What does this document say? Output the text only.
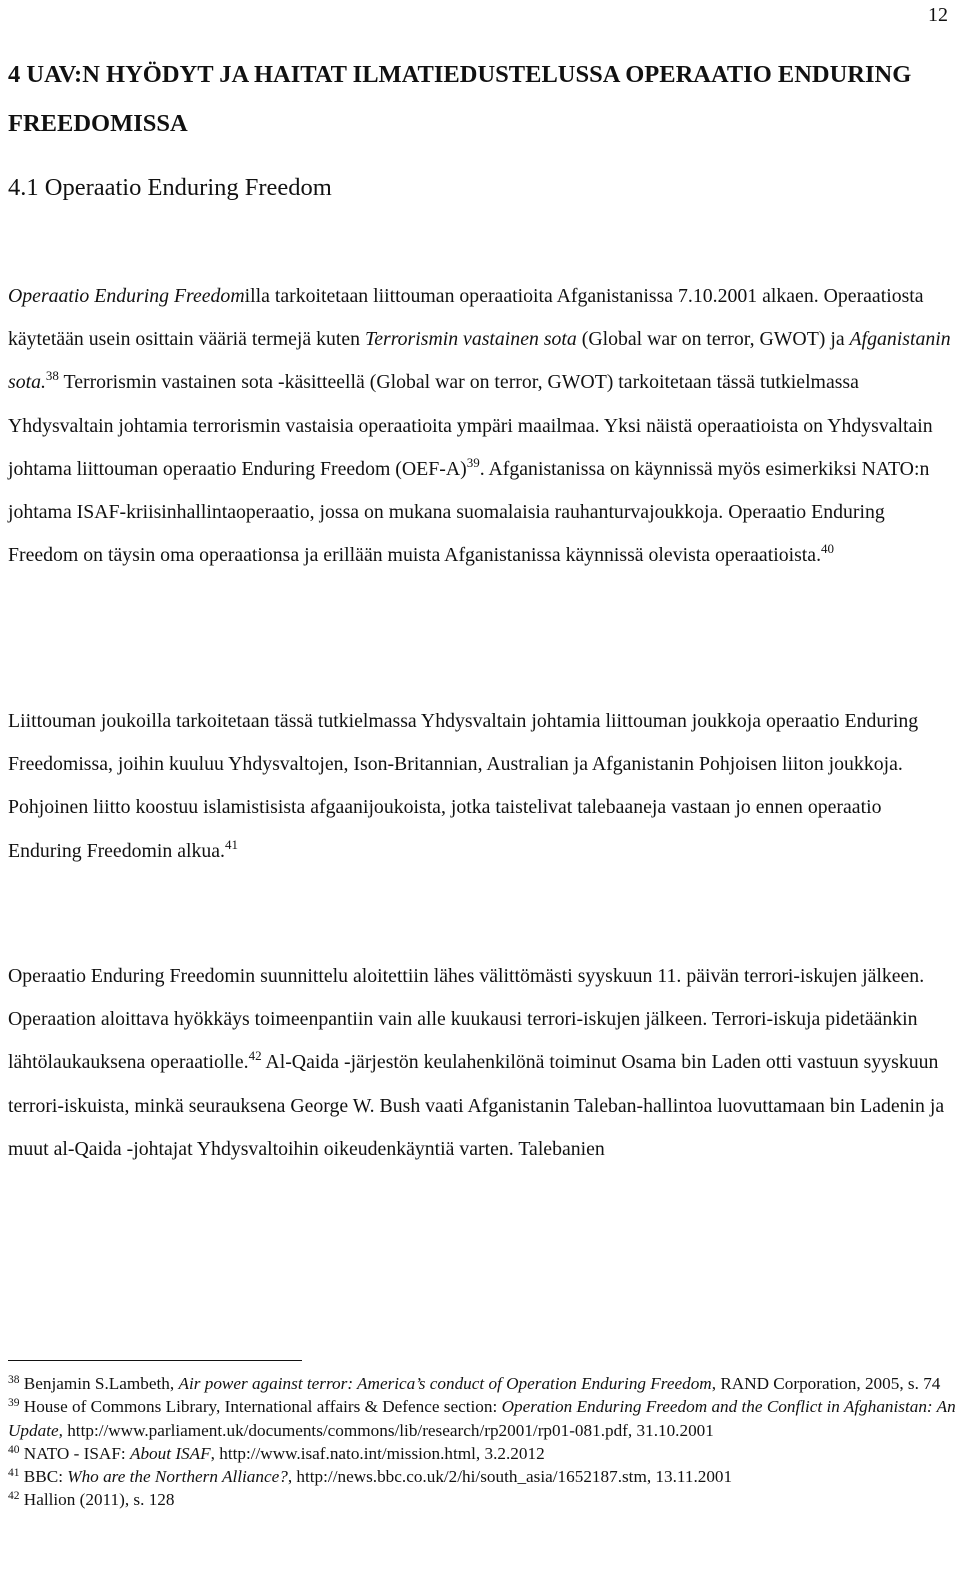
12
4 UAV:N HYÖDYT JA HAITAT ILMATIEDUSTELUSSA OPERAATIO ENDURING FREEDOMISSA
4.1 Operaatio Enduring Freedom

Operaatio Enduring Freedomilla tarkoitetaan liittouman operaatioita Afganistanissa 7.10.2001 alkaen. Operaatiosta käytetään usein osittain vääriä termejä kuten Terrorismin vastainen sota (Global war on terror, GWOT) ja Afganistanin sota.$^{38}$ Terrorismin vastainen sota -käsitteellä (Global war on terror, GWOT) tarkoitetaan tässä tutkielmassa Yhdysvaltain johtamia terrorismin vastaisia operaatioita ympäri maailmaa. Yksi näistä operaatioista on Yhdysvaltain johtama liittouman operaatio Enduring Freedom $(OEF-A)^{39}$. Afganistanissa on käynnissä myös esimerkiksi NATO:n johtama ISAF-kriisinhallintaoperaatio, jossa on mukana suomalaisia rauhanturvajoukkoja. Operaatio Enduring Freedom on täysin oma operaationsa ja erillään muista Afganistanissa käynnissä olevista operaatioista.$^{40}$

Liittouman joukoilla tarkoitetaan tässä tutkielmassa Yhdysvaltain johtamia liittouman joukkoja operaatio Enduring Freedomissa, joihin kuuluu Yhdysvaltojen, Ison-Britannian, Australian ja Afganistanin Pohjoisen liiton joukkoja. Pohjoinen liitto koostuu islamistisista afgaanijoukoista, jotka taistelivat talebaaneja vastaan jo ennen operaatio Enduring Freedomin alkua.$^{41}$

Operaatio Enduring Freedomin suunnittelu aloitettiin lähes välittömästi syyskuun 11. päivän terrori-iskujen jälkeen. Operaation aloittava hyökkäys toimeenpantiin vain alle kuukausi terrori-iskujen jälkeen. Terrori-iskuja pidetäänkin lähtölaukauksena operaatiolle.$^{42}$ Al-Qaida -järjestön keulahenkilönä toiminut Osama bin Laden otti vastuun syyskuun terrori-iskuista, minkä seurauksena George W. Bush vaati Afganistanin Taleban-hallintoa luovuttamaan bin Ladenin ja muut al-Qaida -johtajat Yhdysvaltoihin oikeudenkäyntiä varten. Talebanien

$^{38}$ Benjamin S.Lambeth, Air power against terror: America’s conduct of Operation Enduring Freedom, RAND Corporation, 2005, s. 74

$^{39}$ House of Commons Library, International affairs & Defence section: Operation Enduring Freedom and the Conflict in Afghanistan: An Update, http://www.parliament.uk/documents/commons/lib/research/rp2001/rp01-081.pdf, 31.10.2001

$^{40}$ NATO - ISAF: About ISAF, http://www.isaf.nato.int/mission.html, 3.2.2012

$^{41}$ BBC: Who are the Northern Alliance?, http://news.bbc.co.uk/2/hi/south_asia/1652187.stm, 13.11.2001

$^{42}$ Hallion (2011), s. 128
